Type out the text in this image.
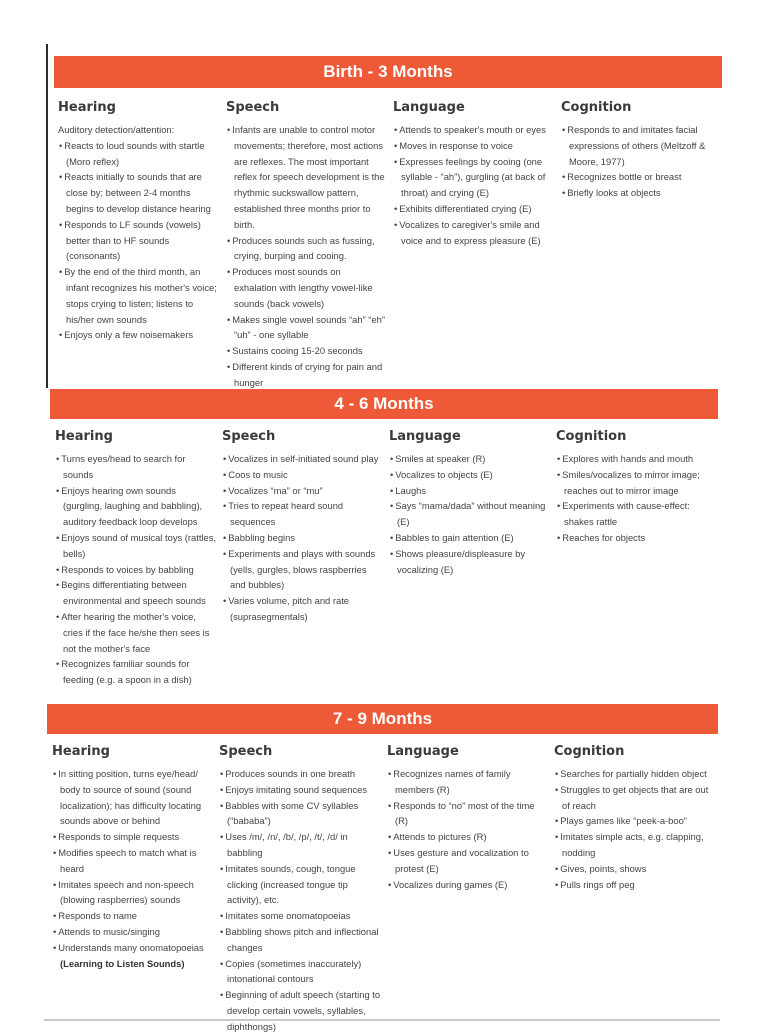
Birth - 3 Months
Hearing
Auditory detection/attention:
• Reacts to loud sounds with startle (Moro reflex)
• Reacts initially to sounds that are close by; between 2-4 months begins to develop distance hearing
• Responds to LF sounds (vowels) better than to HF sounds (consonants)
• By the end of the third month, an infant recognizes his mother's voice; stops crying to listen; listens to his/her own sounds
• Enjoys only a few noisemakers
Speech
• Infants are unable to control motor movements; therefore, most actions are reflexes. The most important reflex for speech development is the rhythmic suckswallow pattern, established three months prior to birth.
• Produces sounds such as fussing, crying, burping and cooing.
• Produces most sounds on exhalation with lengthy vowel-like sounds (back vowels)
• Makes single vowel sounds “ah” “eh” “uh” - one syllable
• Sustains cooing 15-20 seconds
• Different kinds of crying for pain and hunger
Language
• Attends to speaker's mouth or eyes
• Moves in response to voice
• Expresses feelings by cooing (one syllable - “ah”), gurgling (at back of throat) and crying (E)
• Exhibits differentiated crying (E)
• Vocalizes to caregiver's smile and voice and to express pleasure (E)
Cognition
• Responds to and imitates facial expressions of others (Meltzoff & Moore, 1977)
• Recognizes bottle or breast
• Briefly looks at objects
4 - 6 Months
Hearing
• Turns eyes/head to search for sounds
• Enjoys hearing own sounds (gurgling, laughing and babbling), auditory feedback loop develops
• Enjoys sound of musical toys (rattles, bells)
• Responds to voices by babbling
• Begins differentiating between environmental and speech sounds
• After hearing the mother's voice, cries if the face he/she then sees is not the mother's face
• Recognizes familiar sounds for feeding (e.g. a spoon in a dish)
Speech
• Vocalizes in self-initiated sound play
• Coos to music
• Vocalizes “ma” or “mu”
• Tries to repeat heard sound sequences
• Babbling begins
• Experiments and plays with sounds (yells, gurgles, blows raspberries and bubbles)
• Varies volume, pitch and rate (suprasegmentals)
Language
• Smiles at speaker (R)
• Vocalizes to objects (E)
• Laughs
• Says “mama/dada” without meaning (E)
• Babbles to gain attention (E)
• Shows pleasure/displeasure by vocalizing (E)
Cognition
• Explores with hands and mouth
• Smiles/vocalizes to mirror image; reaches out to mirror image
• Experiments with cause-effect: shakes rattle
• Reaches for objects
7 - 9 Months
Hearing
• In sitting position, turns eye/head/ body to source of sound (sound localization); has difficulty locating sounds above or behind
• Responds to simple requests
• Modifies speech to match what is heard
• Imitates speech and non-speech (blowing raspberries) sounds
• Responds to name
• Attends to music/singing
• Understands many onomatopoeias (Learning to Listen Sounds)
Speech
• Produces sounds in one breath
• Enjoys imitating sound sequences
• Babbles with some CV syllables (“bababa”)
• Uses /m/, /n/, /b/, /p/, /t/, /d/ in babbling
• Imitates sounds, cough, tongue clicking (increased tongue tip activity), etc.
• Imitates some onomatopoeias
• Babbling shows pitch and inflectional changes
• Copies (sometimes inaccurately) intonational contours
• Beginning of adult speech (starting to develop certain vowels, syllables, diphthongs)
Language
• Recognizes names of family members (R)
• Responds to “no” most of the time (R)
• Attends to pictures (R)
• Uses gesture and vocalization to protest (E)
• Vocalizes during games (E)
Cognition
• Searches for partially hidden object
• Struggles to get objects that are out of reach
• Plays games like “peek-a-boo”
• Imitates simple acts, e.g. clapping, nodding
• Gives, points, shows
• Pulls rings off peg
